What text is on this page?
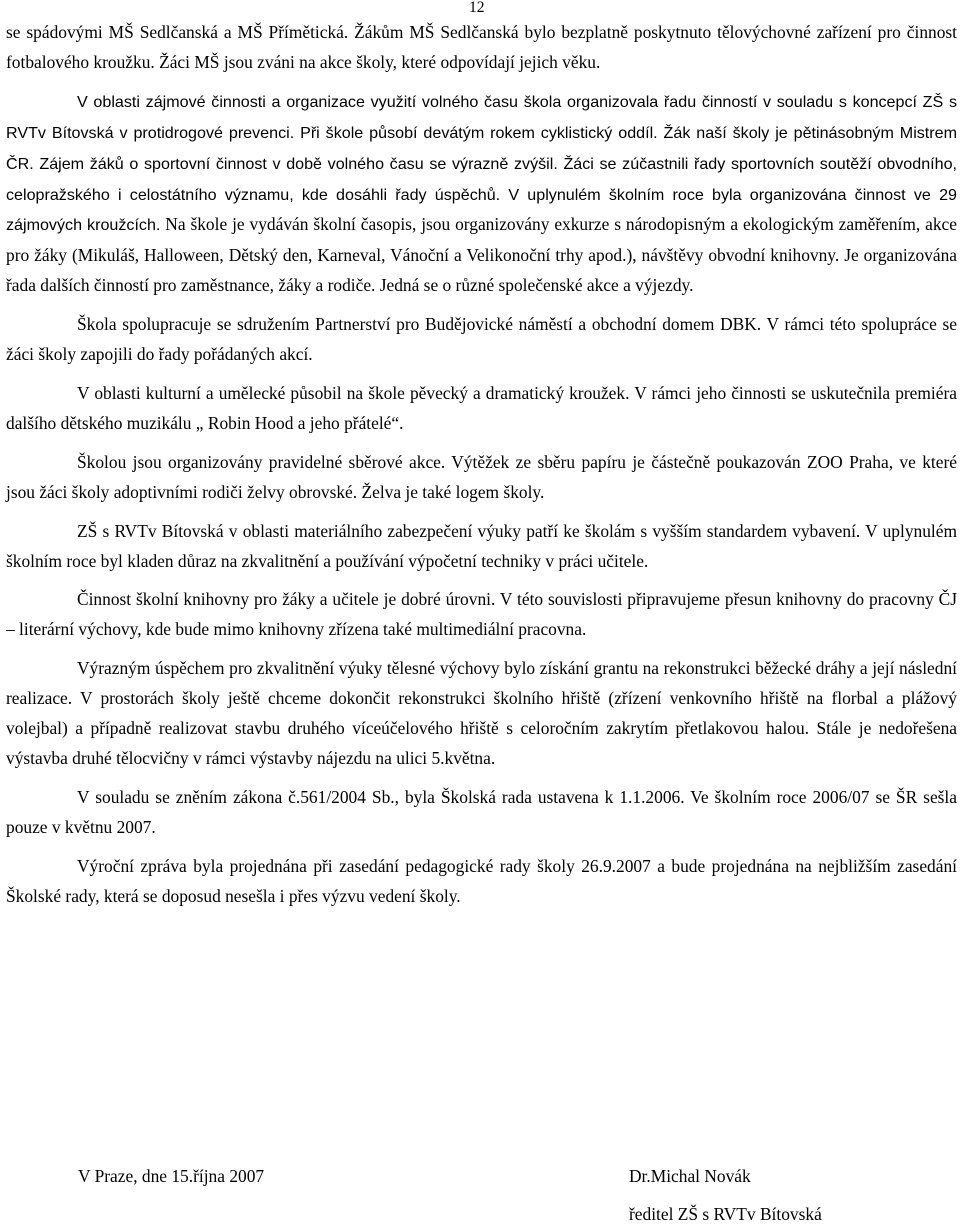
12

se spádovými MŠ Sedlčanská a MŠ Přímětická. Žákům MŠ Sedlčanská bylo bezplatně poskytnuto tělovýchovné zařízení pro činnost fotbalového kroužku. Žáci MŠ jsou zváni na akce školy, které odpovídají jejich věku.

V oblasti zájmové činnosti a organizace využití volného času škola organizovala řadu činností v souladu s koncepcí ZŠ s RVTv Bítovská v protidrogové prevenci. Při škole působí devátým rokem cyklistický oddíl. Žák naší školy je pětinásobným Mistrem ČR. Zájem žáků o sportovní činnost v době volného času se výrazně zvýšil. Žáci se zúčastnili řady sportovních soutěží obvodního, celopražského i celostátního významu, kde dosáhli řady úspěchů. V uplynulém školním roce byla organizována činnost ve 29 zájmových kroužcích. Na škole je vydáván školní časopis, jsou organizovány exkurze s národopisným a ekologickým zaměřením, akce pro žáky (Mikuláš, Halloween, Dětský den, Karneval, Vánoční a Velikonoční trhy apod.), návštěvy obvodní knihovny. Je organizována řada dalších činností pro zaměstnance, žáky a rodiče. Jedná se o různé společenské akce a výjezdy.

Škola spolupracuje se sdružením Partnerství pro Budějovické náměstí a obchodní domem DBK. V rámci této spolupráce se žáci školy zapojili do řady pořádaných akcí.

V oblasti kulturní a umělecké působil na škole pěvecký a dramatický kroužek. V rámci jeho činnosti se uskutečnila premiéra dalšího dětského muzikálu „ Robin Hood a jeho přátelé“.

Školou jsou organizovány pravidelné sběrové akce. Výtěžek ze sběru papíru je částečně poukazován ZOO Praha, ve které jsou žáci školy adoptivními rodiči želvy obrovské. Želva je také logem školy.

ZŠ s RVTv Bítovská v oblasti materiálního zabezpečení výuky patří ke školám s vyšším standardem vybavení. V uplynulém školním roce byl kladen důraz na zkvalitnění a používání výpočetní techniky v práci učitele.

Činnost školní knihovny pro žáky a učitele je dobré úrovni. V této souvislosti připravujeme přesun knihovny do pracovny ČJ – literární výchovy, kde bude mimo knihovny zřízena také multimediální pracovna.

Výrazným úspěchem pro zkvalitnění výuky tělesné výchovy bylo získání grantu na rekonstrukci běžecké dráhy a její následní realizace. V prostorách školy ještě chceme dokončit rekonstrukci školního hřiště (zřízení venkovního hřiště na florbal a plážový volejbal) a případně realizovat stavbu druhého víceúčelového hřiště s celoročním zakrytím přetlakovou halou. Stále je nedořešena výstavba druhé tělocvičny v rámci výstavby nájezdu na ulici 5.května.

V souladu se zněním zákona č.561/2004 Sb., byla Školská rada ustavena k 1.1.2006. Ve školním roce 2006/07 se ŠR sešla pouze v květnu 2007.

Výroční zpráva byla projednána při zasedání pedagogické rady školy 26.9.2007 a bude projednána na nejbližším zasedání Školské rady, která se doposud nesešla i přes výzvu vedení školy.

V Praze, dne 15.října 2007	Dr.Michal Novák
ředitel ZŠ s RVTv Bítovská
